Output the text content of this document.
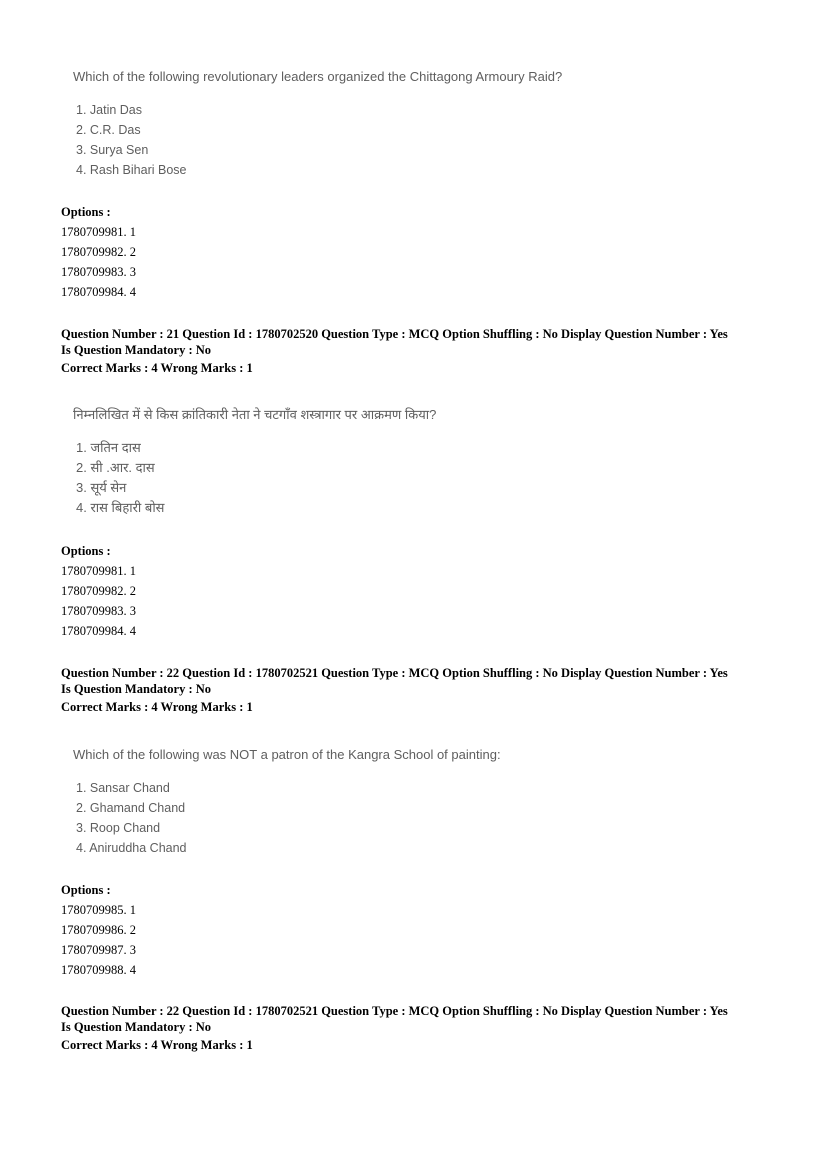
Which of the following revolutionary leaders organized the Chittagong Armoury Raid?
1. Jatin Das
2. C.R. Das
3. Surya Sen
4. Rash Bihari Bose
Options :
1780709981. 1
1780709982. 2
1780709983. 3
1780709984. 4
Question Number : 21 Question Id : 1780702520 Question Type : MCQ Option Shuffling : No Display Question Number : Yes
Is Question Mandatory : No
Correct Marks : 4 Wrong Marks : 1
निम्नलिखित में से किस क्रांतिकारी नेता ने चटगाँव शस्त्रागार पर आक्रमण किया?
1. जतिन दास
2. सी .आर. दास
3. सूर्य सेन
4. रास बिहारी बोस
Options :
1780709981. 1
1780709982. 2
1780709983. 3
1780709984. 4
Question Number : 22 Question Id : 1780702521 Question Type : MCQ Option Shuffling : No Display Question Number : Yes
Is Question Mandatory : No
Correct Marks : 4 Wrong Marks : 1
Which of the following was NOT a patron of the Kangra School of painting:
1. Sansar Chand
2. Ghamand Chand
3. Roop Chand
4. Aniruddha Chand
Options :
1780709985. 1
1780709986. 2
1780709987. 3
1780709988. 4
Question Number : 22 Question Id : 1780702521 Question Type : MCQ Option Shuffling : No Display Question Number : Yes
Is Question Mandatory : No
Correct Marks : 4 Wrong Marks : 1
